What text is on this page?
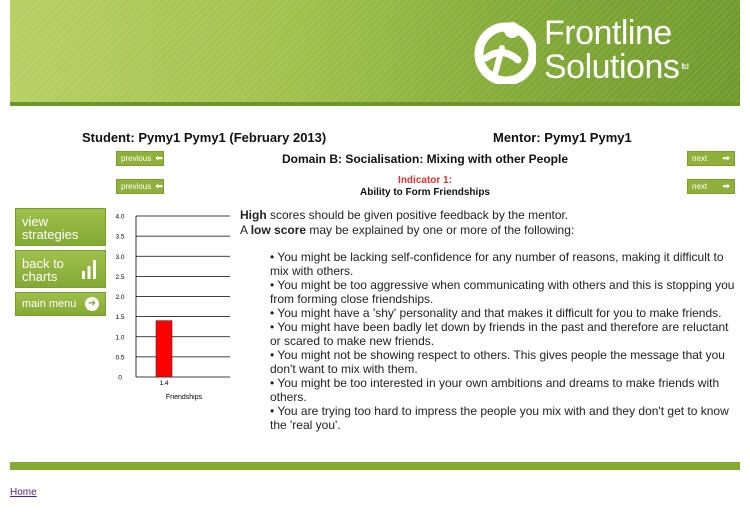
Frontline
Solutions $^{ltd}$
Student: Pymy1 Pymy1 (February 2013)	Mentor: Pymy1 Pymy1
previous ⬅	next ➡
Domain B: Socialisation: Mixing with other People
previous ⬅	next ➡
Indicator 1:
Ability to Form Friendships
view
strategies
back to
charts
main menu ➜
0
0.5
1.0
1.5
2.0
2.5
3.0
3.5
4.0
1.4
Friendships
High scores should be given positive feedback by the mentor.
A low score may be explained by one or more of the following:

• You might be lacking self-confidence for any number of reasons, making it difficult to mix with others.

• You might be too aggressive when communicating with others and this is stopping you from forming close friendships.

• You might have a 'shy' personality and that makes it difficult for you to make friends.

• You might have been badly let down by friends in the past and therefore are reluctant or scared to make new friends.

• You might not be showing respect to others. This gives people the message that you don't want to mix with them.

• You might be too interested in your own ambitions and dreams to make friends with others.

• You are trying too hard to impress the people you mix with and they don't get to know the 'real you'.

Home
